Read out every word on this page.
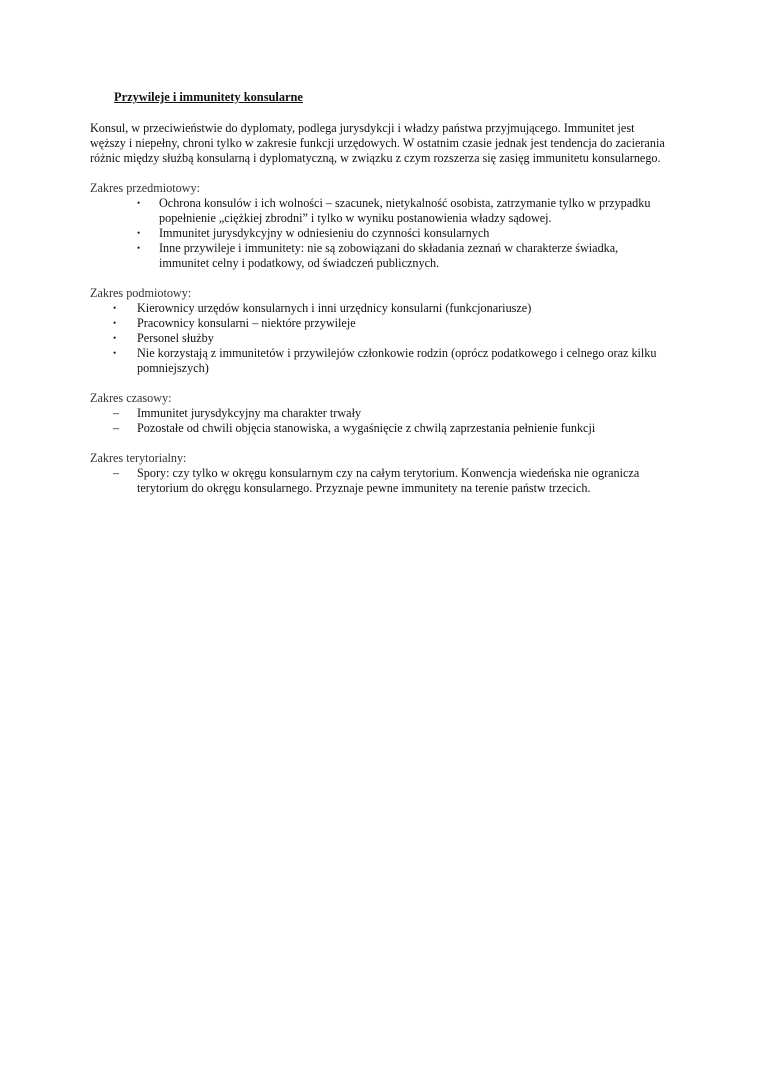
Przywileje i immunitety konsularne

Konsul, w przeciwieństwie do dyplomaty, podlega jurysdykcji i władzy państwa przyjmującego. Immunitet jest węższy i niepełny, chroni tylko w zakresie funkcji urzędowych. W ostatnim czasie jednak jest tendencja do zacierania różnic między służbą konsularną i dyplomatyczną, w związku z czym rozszerza się zasięg immunitetu konsularnego.

Zakres przedmiotowy:

• Ochrona konsulów i ich wolności – szacunek, nietykalność osobista, zatrzymanie tylko w przypadku popełnienie „ciężkiej zbrodni” i tylko w wyniku postanowienia władzy sądowej.
• Immunitet jurysdykcyjny w odniesieniu do czynności konsularnych
• Inne przywileje i immunitety: nie są zobowiązani do składania zeznań w charakterze świadka, immunitet celny i podatkowy, od świadczeń publicznych.

Zakres podmiotowy:

• Kierownicy urzędów konsularnych i inni urzędnicy konsularni (funkcjonariusze)
• Pracownicy konsularni – niektóre przywileje
• Personel służby
• Nie korzystają z immunitetów i przywilejów członkowie rodzin (oprócz podatkowego i celnego oraz kilku pomniejszych)

Zakres czasowy:

– Immunitet jurysdykcyjny ma charakter trwały
– Pozostałe od chwili objęcia stanowiska, a wygaśnięcie z chwilą zaprzestania pełnienie funkcji

Zakres terytorialny:

– Spory: czy tylko w okręgu konsularnym czy na całym terytorium. Konwencja wiedeńska nie ogranicza terytorium do okręgu konsularnego. Przyznaje pewne immunitety na terenie państw trzecich.
